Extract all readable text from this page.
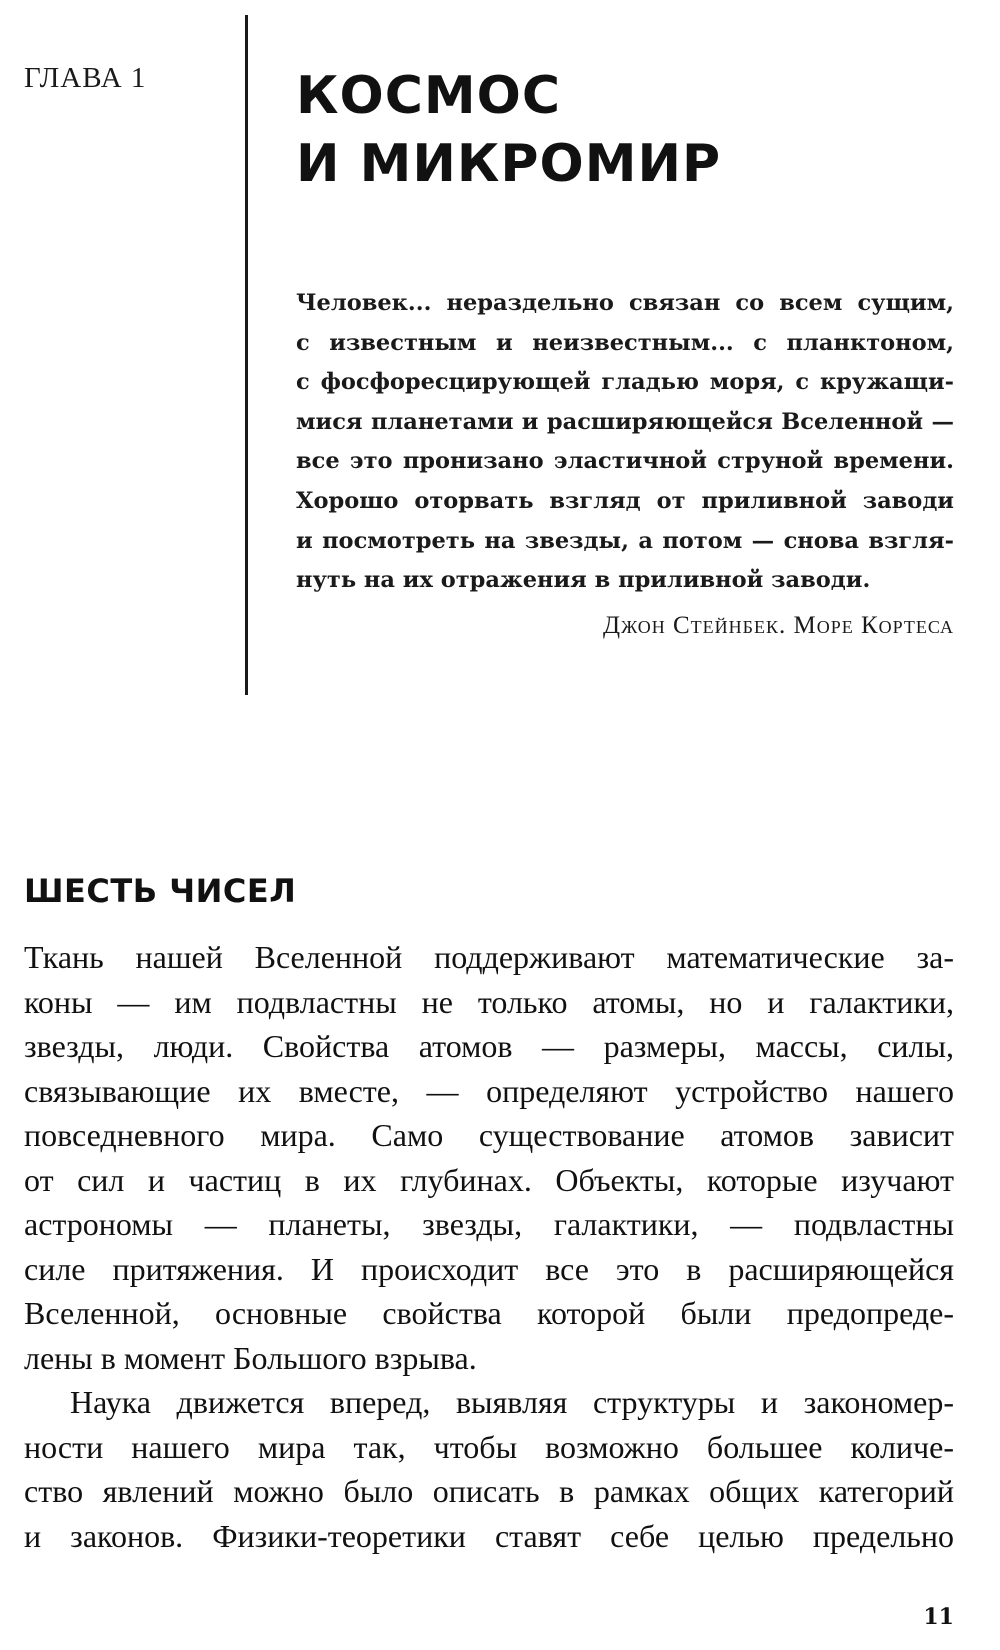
ГЛАВА 1	КОСМОС
И МИКРОМИР
Человек... нераздельно связан со всем сущим,
с известным и неизвестным... с планктоном,
с фосфоресцирующей гладью моря, с кружащи-
мися планетами и расширяющейся Вселенной —
все это пронизано эластичной струной времени.
Хорошо оторвать взгляд от приливной заводи
и посмотреть на звезды, а потом — снова взгля-
нуть на их отражения в приливной заводи.
Джон Стейнбек. Море Кортеса
ШЕСТЬ ЧИСЕЛ
Ткань нашей Вселенной поддерживают математические за-
коны — им подвластны не только атомы, но и галактики,
звезды, люди. Свойства атомов — размеры, массы, силы,
связывающие их вместе, — определяют устройство нашего
повседневного мира. Само существование атомов зависит
от сил и частиц в их глубинах. Объекты, которые изучают
астрономы — планеты, звезды, галактики, — подвластны
силе притяжения. И происходит все это в расширяющейся
Вселенной, основные свойства которой были предопреде-
лены в момент Большого взрыва.
Наука движется вперед, выявляя структуры и закономер-
ности нашего мира так, чтобы возможно большее количе-
ство явлений можно было описать в рамках общих категорий
и законов. Физики-теоретики ставят себе целью предельно
11
